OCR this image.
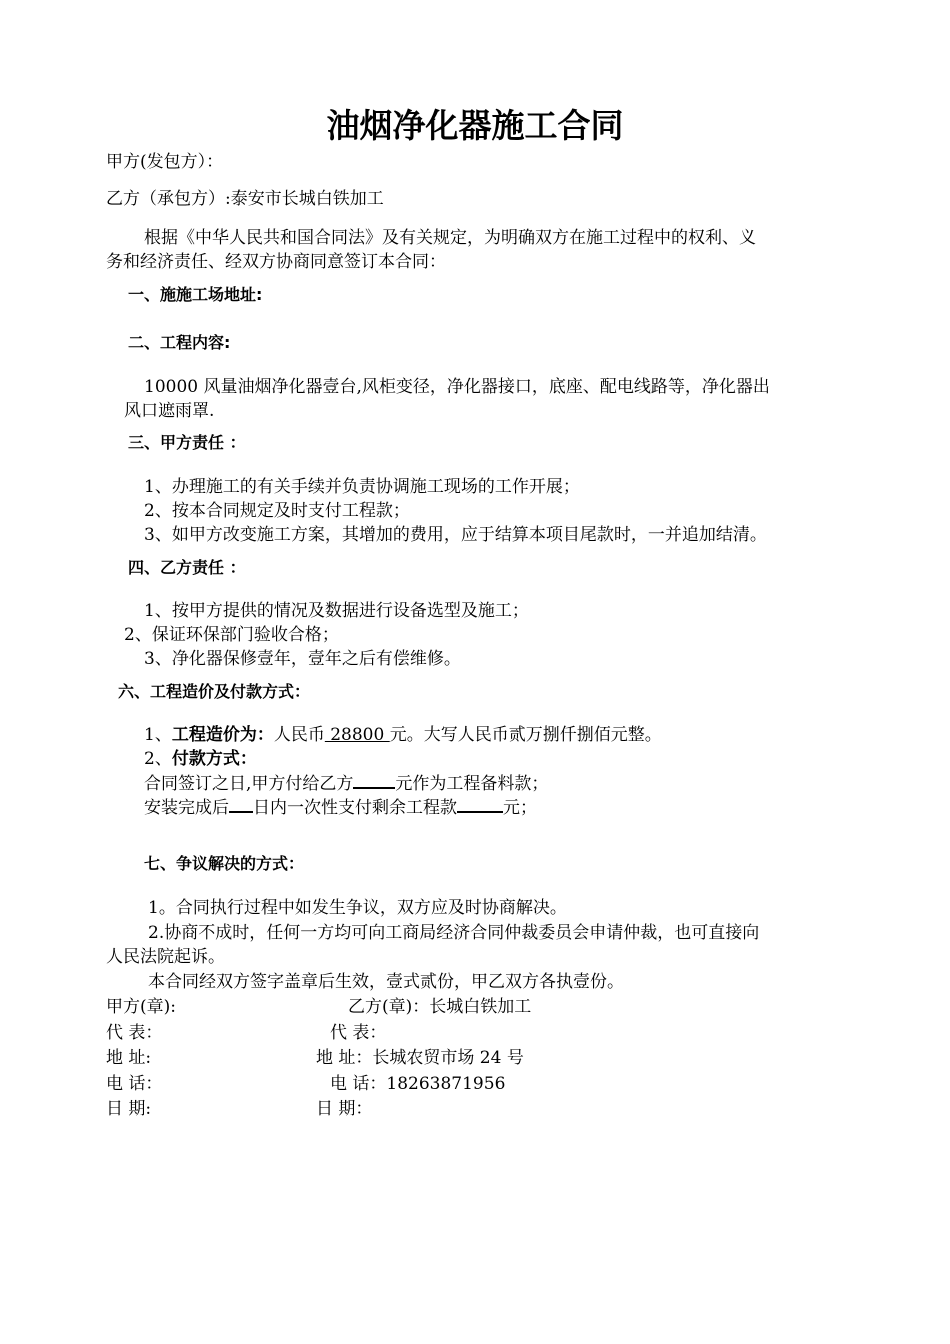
油烟净化器施工合同
甲方(发包方）：
乙方（承包方）:泰安市长城白铁加工
根据《中华人民共和国合同法》及有关规定，为明确双方在施工过程中的权利、义
务和经济责任、经双方协商同意签订本合同：
一、施施工场地址:
二、工程内容:
10000 风量油烟净化器壹台,风柜变径，净化器接口，底座、配电线路等，净化器出
风口遮雨罩.
三、甲方责任 ：
1、办理施工的有关手续并负责协调施工现场的工作开展；
2、按本合同规定及时支付工程款；
3、如甲方改变施工方案，其增加的费用，应于结算本项目尾款时，一并追加结清。
四、乙方责任 ：
1、按甲方提供的情况及数据进行设备选型及施工；
2、保证环保部门验收合格；
3、净化器保修壹年，壹年之后有偿维修。
六、工程造价及付款方式：
1、工程造价为：人民币 28800 元。大写人民币贰万捌仟捌佰元整。
2、付款方式：
合同签订之日,甲方付给乙方 元作为工程备料款；
安装完成后 日内一次性支付剩余工程款	元；
七、争议解决的方式：
1。合同执行过程中如发生争议，双方应及时协商解决。
2.协商不成时，任何一方均可向工商局经济合同仲裁委员会申请仲裁，也可直接向
人民法院起诉。
本合同经双方签字盖章后生效，壹式贰份，甲乙双方各执壹份。
甲方(章):	乙方(章)：长城白铁加工
代 表：	代 表：
地 址:	地 址：长城农贸市场 24 号
电 话：	电 话：18263871956
日 期:	日 期：
